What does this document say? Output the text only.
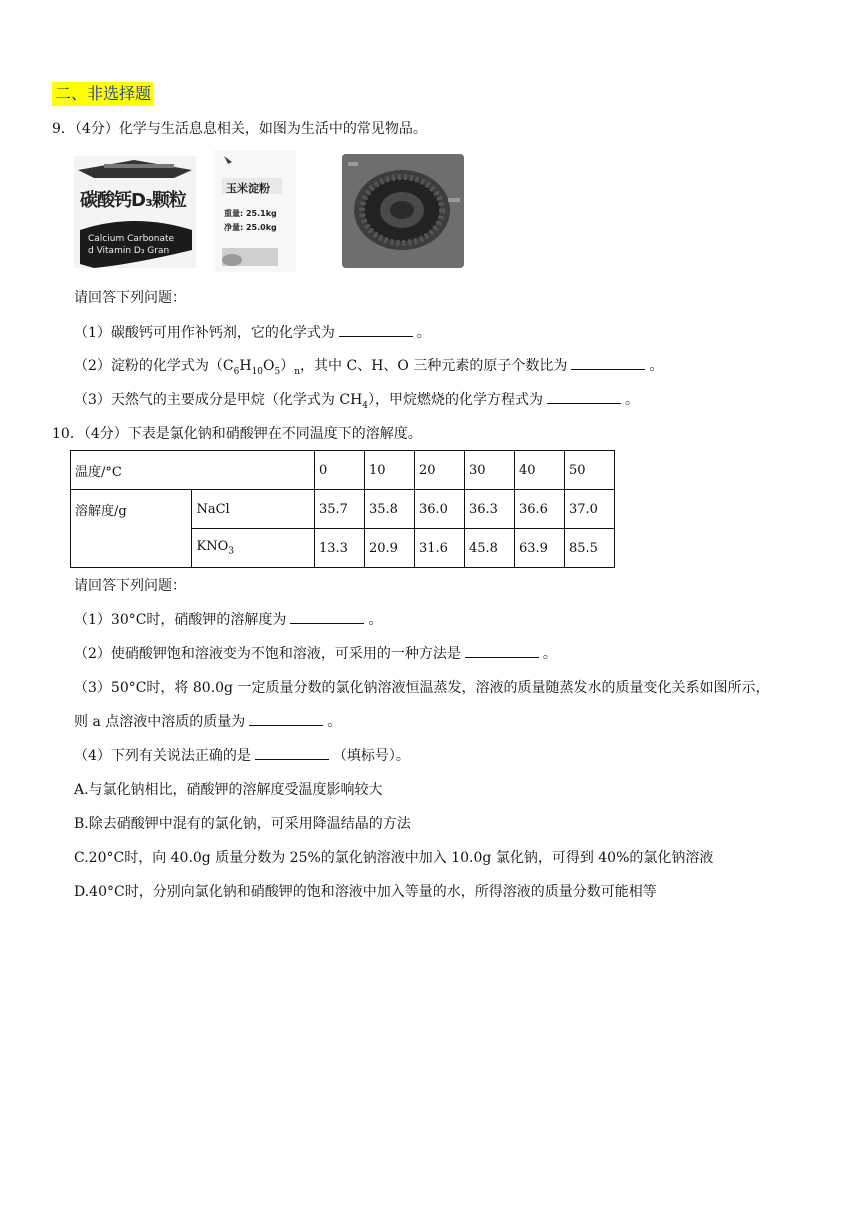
二、非选择题
9．（4分）化学与生活息息相关，如图为生活中的常见物品。
碳酸钙D₃颗粒
Calcium Carbonate
d Vitamin D₃ Gran
玉米淀粉
重量: 25.1kg
净量: 25.0kg
请回答下列问题：
（1）碳酸钙可用作补钙剂，它的化学式为	。
（2）淀粉的化学式为$(C_6H_{10}O_5)_n$，其中 C、H、O 三种元素的原子个数比为	。
（3）天然气的主要成分是甲烷（化学式为 $CH_4$），甲烷燃烧的化学方程式为	。
10．（4分）下表是氯化钠和硝酸钾在不同温度下的溶解度。
温度/°C		0	10	20	30	40	50
溶解度/g	NaCl	35.7	35.8	36.0	36.3	36.6	37.0
	$KNO_3$	13.3	20.9	31.6	45.8	63.9	85.5
请回答下列问题：
（1）30°C时，硝酸钾的溶解度为	。
（2）使硝酸钾饱和溶液变为不饱和溶液，可采用的一种方法是	。
（3）50°C时，将 80.0g 一定质量分数的氯化钠溶液恒温蒸发，溶液的质量随蒸发水的质量变化关系如图所示，
则 a 点溶液中溶质的质量为	。
（4）下列有关说法正确的是	（填标号）。
A.与氯化钠相比，硝酸钾的溶解度受温度影响较大
B.除去硝酸钾中混有的氯化钠，可采用降温结晶的方法
C.20°C时，向 40.0g 质量分数为 25%的氯化钠溶液中加入 10.0g 氯化钠，可得到 40%的氯化钠溶液
D.40°C时，分别向氯化钠和硝酸钾的饱和溶液中加入等量的水，所得溶液的质量分数可能相等
